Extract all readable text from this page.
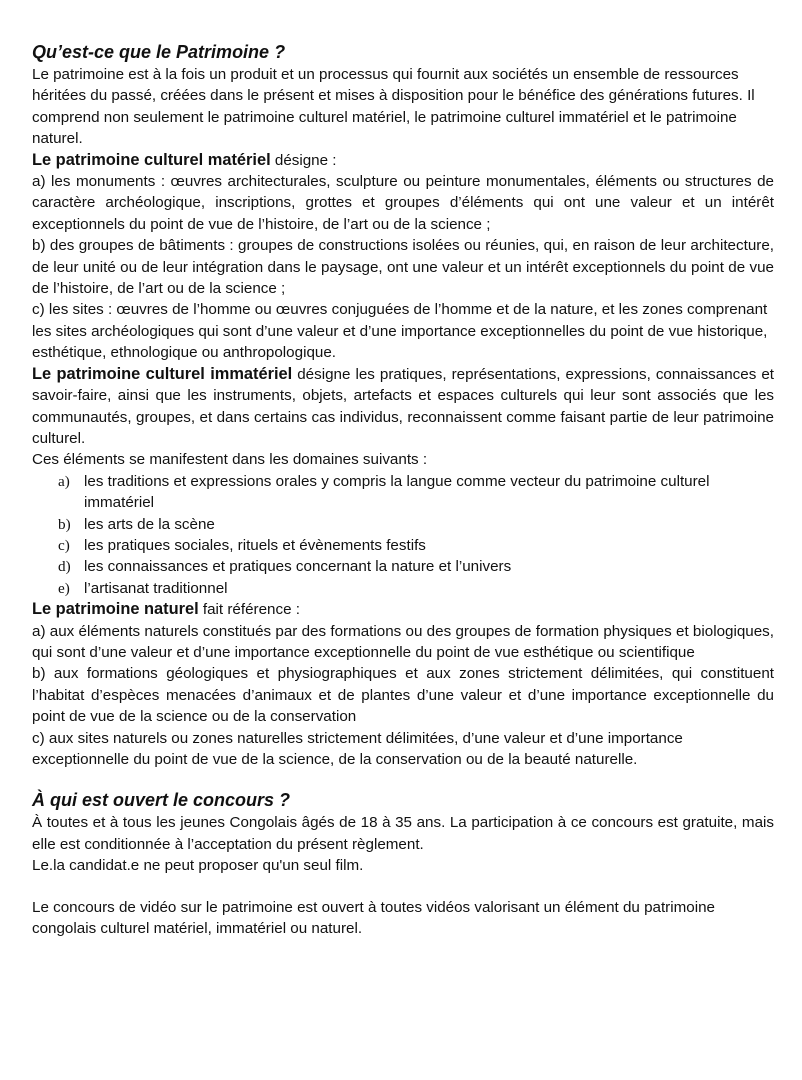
Qu’est-ce que le Patrimoine ?

Le patrimoine est à la fois un produit et un processus qui fournit aux sociétés un ensemble de ressources héritées du passé, créées dans le présent et mises à disposition pour le bénéfice des générations futures. Il comprend non seulement le patrimoine culturel matériel, le patrimoine culturel immatériel et le patrimoine naturel.

Le patrimoine culturel matériel désigne :

a) les monuments : œuvres architecturales, sculpture ou peinture monumentales, éléments ou structures de caractère archéologique, inscriptions, grottes et groupes d’éléments qui ont une valeur et un intérêt exceptionnels du point de vue de l’histoire, de l’art ou de la science ;

b) des groupes de bâtiments : groupes de constructions isolées ou réunies, qui, en raison de leur architecture, de leur unité ou de leur intégration dans le paysage, ont une valeur et un intérêt exceptionnels du point de vue de l’histoire, de l’art ou de la science ;

c) les sites : œuvres de l’homme ou œuvres conjuguées de l’homme et de la nature, et les zones comprenant les sites archéologiques qui sont d’une valeur et d’une importance exceptionnelles du point de vue historique, esthétique, ethnologique ou anthropologique.

Le patrimoine culturel immatériel désigne les pratiques, représentations, expressions, connaissances et savoir-faire, ainsi que les instruments, objets, artefacts et espaces culturels qui leur sont associés que les communautés, groupes, et dans certains cas individus, reconnaissent comme faisant partie de leur patrimoine culturel.

Ces éléments se manifestent dans les domaines suivants :

a) les traditions et expressions orales y compris la langue comme vecteur du patrimoine culturel immatériel
b) les arts de la scène
c) les pratiques sociales, rituels et évènements festifs
d) les connaissances et pratiques concernant la nature et l’univers
e) l’artisanat traditionnel

Le patrimoine naturel fait référence :

a) aux éléments naturels constitués par des formations ou des groupes de formation physiques et biologiques, qui sont d’une valeur et d’une importance exceptionnelle du point de vue esthétique ou scientifique

b) aux formations géologiques et physiographiques et aux zones strictement délimitées, qui constituent l’habitat d’espèces menacées d’animaux et de plantes d’une valeur et d’une importance exceptionnelle du point de vue de la science ou de la conservation

c) aux sites naturels ou zones naturelles strictement délimitées, d’une valeur et d’une importance exceptionnelle du point de vue de la science, de la conservation ou de la beauté naturelle.

À qui est ouvert le concours ?

À toutes et à tous les jeunes Congolais âgés de 18 à 35 ans. La participation à ce concours est gratuite, mais elle est conditionnée à l’acceptation du présent règlement.

Le.la candidat.e ne peut proposer qu'un seul film.

Le concours de vidéo sur le patrimoine est ouvert à toutes vidéos valorisant un élément du patrimoine congolais culturel matériel, immatériel ou naturel.
